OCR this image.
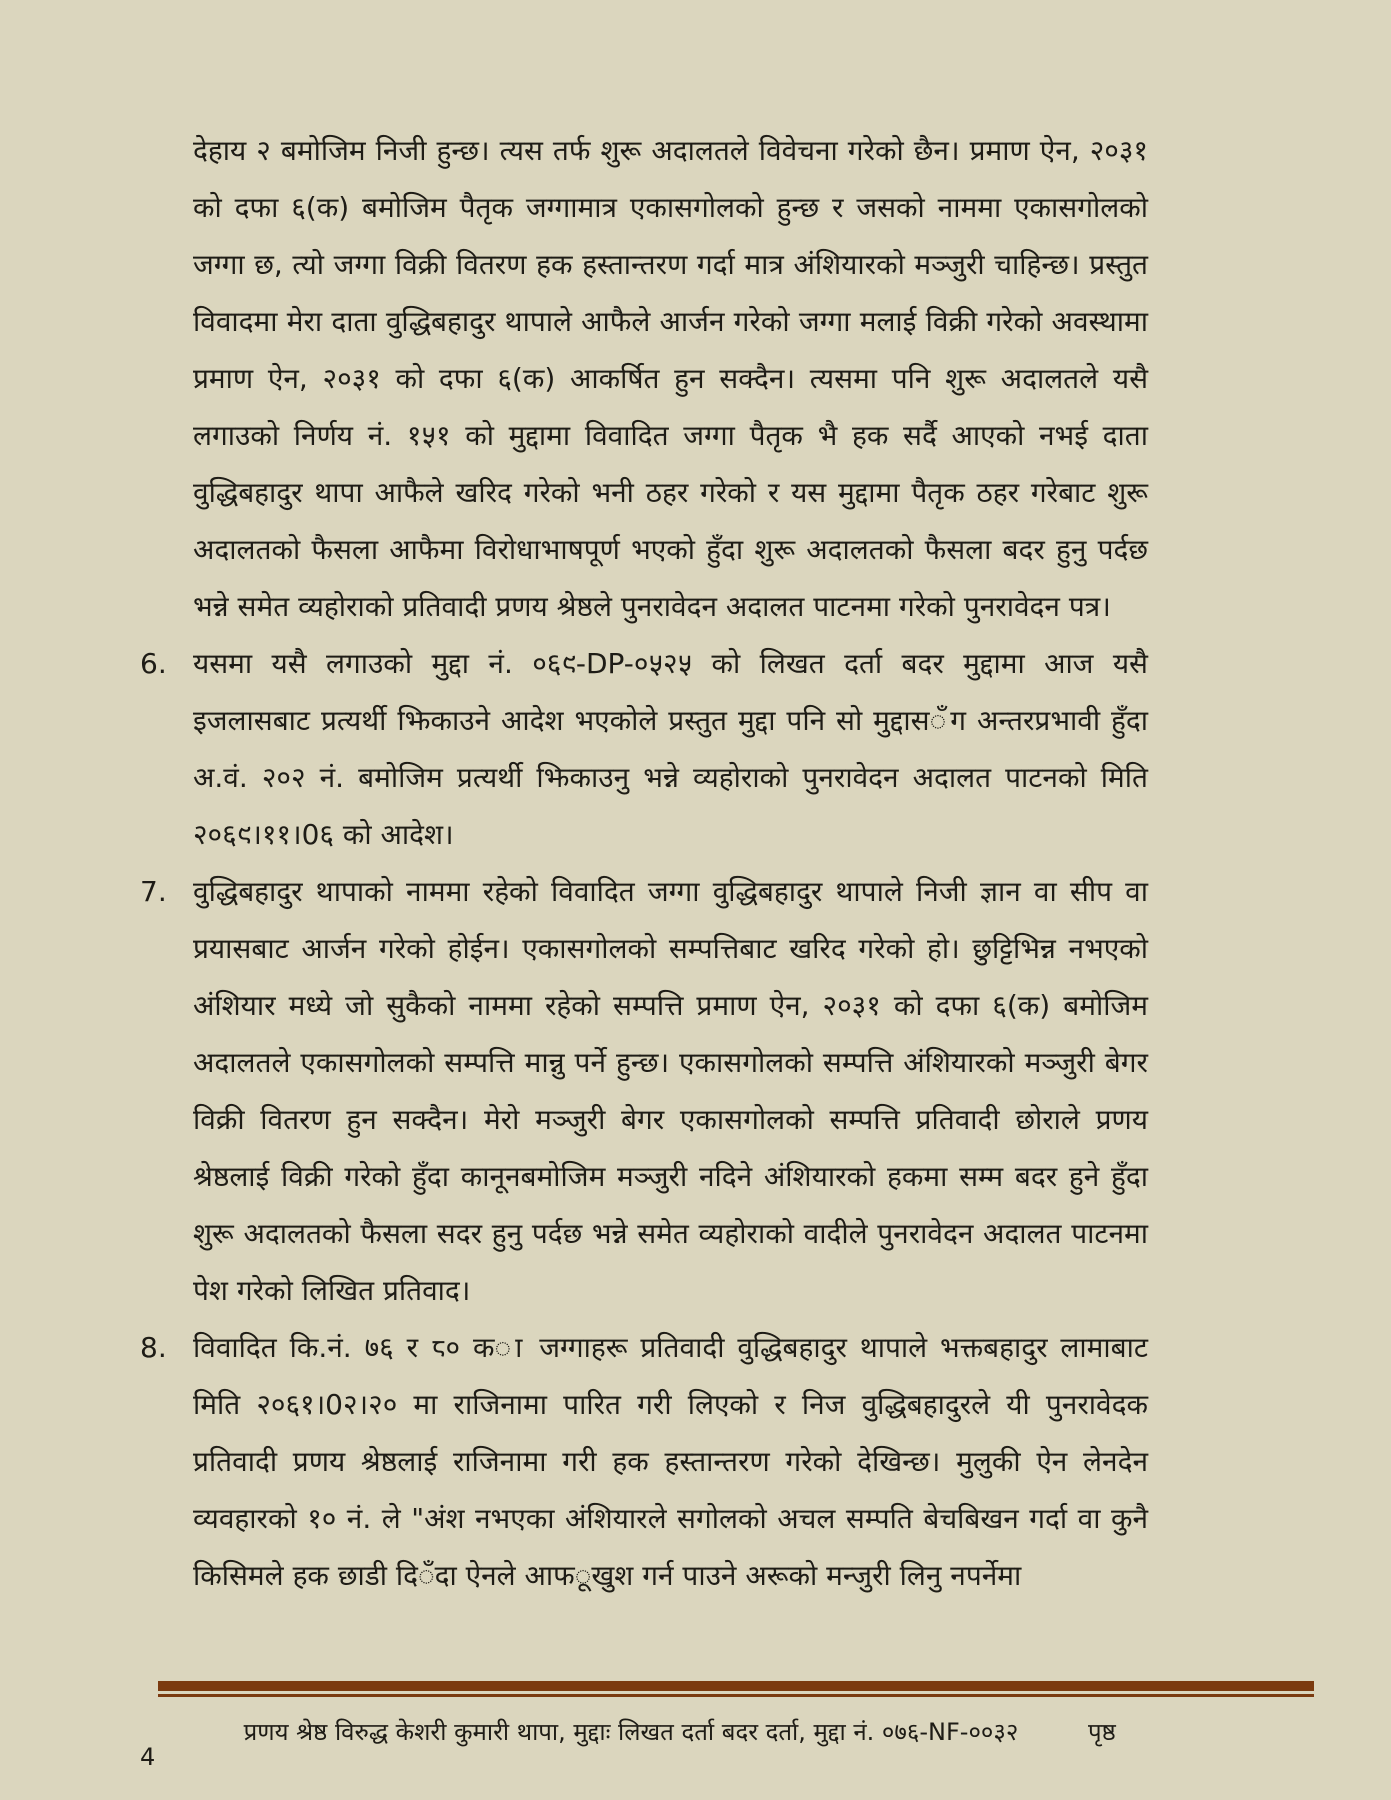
देहाय २ बमोजिम निजी हुन्छ। त्यस तर्फ शुरू अदालतले विवेचना गरेको छैन। प्रमाण ऐन, २०३१ को दफा ६(क) बमोजिम पैतृक जग्गामात्र एकासगोलको हुन्छ र जसको नाममा एकासगोलको जग्गा छ, त्यो जग्गा विक्री वितरण हक हस्तान्तरण गर्दा मात्र अंशियारको मञ्जुरी चाहिन्छ। प्रस्तुत विवादमा मेरा दाता वुद्धिबहादुर थापाले आफैले आर्जन गरेको जग्गा मलाई विक्री गरेको अवस्थामा प्रमाण ऐन, २०३१ को दफा ६(क) आकर्षित हुन सक्दैन। त्यसमा पनि शुरू अदालतले यसै लगाउको निर्णय नं. १५१ को मुद्दामा विवादित जग्गा पैतृक भै हक सर्दै आएको नभई दाता वुद्धिबहादुर थापा आफैले खरिद गरेको भनी ठहर गरेको र यस मुद्दामा पैतृक ठहर गरेबाट शुरू अदालतको फैसला आफैमा विरोधाभाषपूर्ण भएको हुँदा शुरू अदालतको फैसला बदर हुनु पर्दछ भन्ने समेत व्यहोराको प्रतिवादी प्रणय श्रेष्ठले पुनरावेदन अदालत पाटनमा गरेको पुनरावेदन पत्र।

6. यसमा यसै लगाउको मुद्दा नं. ०६९-DP-०५२५ को लिखत दर्ता बदर मुद्दामा आज यसै इजलासबाट प्रत्यर्थी झिकाउने आदेश भएकोले प्रस्तुत मुद्दा पनि सो मुद्दास◌ँग अन्तरप्रभावी हुँदा अ.वं. २०२ नं. बमोजिम प्रत्यर्थी झिकाउनु भन्ने व्यहोराको पुनरावेदन अदालत पाटनको मिति २०६९।११।0६ को आदेश।
7. वुद्धिबहादुर थापाको नाममा रहेको विवादित जग्गा वुद्धिबहादुर थापाले निजी ज्ञान वा सीप वा प्रयासबाट आर्जन गरेको होईन। एकासगोलको सम्पत्तिबाट खरिद गरेको हो। छुट्टिभिन्न नभएको अंशियार मध्ये जो सुकैको नाममा रहेको सम्पत्ति प्रमाण ऐन, २०३१ को दफा ६(क) बमोजिम अदालतले एकासगोलको सम्पत्ति मान्नु पर्ने हुन्छ। एकासगोलको सम्पत्ति अंशियारको मञ्जुरी बेगर विक्री वितरण हुन सक्दैन। मेरो मञ्जुरी बेगर एकासगोलको सम्पत्ति प्रतिवादी छोराले प्रणय श्रेष्ठलाई विक्री गरेको हुँदा कानूनबमोजिम मञ्जुरी नदिने अंशियारको हकमा सम्म बदर हुने हुँदा शुरू अदालतको फैसला सदर हुनु पर्दछ भन्ने समेत व्यहोराको वादीले पुनरावेदन अदालत पाटनमा पेश गरेको लिखित प्रतिवाद।
8. विवादित कि.नं. ७६ र ८० क◌ा जग्गाहरू प्रतिवादी वुद्धिबहादुर थापाले भक्तबहादुर लामाबाट मिति २०६१।0२।२० मा राजिनामा पारित गरी लिएको र निज वुद्धिबहादुरले यी पुनरावेदक प्रतिवादी प्रणय श्रेष्ठलाई राजिनामा गरी हक हस्तान्तरण गरेको देखिन्छ। मुलुकी ऐन लेनदेन व्यवहारको १० नं. ले "अंश नभएका अंशियारले सगोलको अचल सम्पति बेचबिखन गर्दा वा कुनै किसिमले हक छाडी दि◌ँदा ऐनले आफ◌ूखुश गर्न पाउने अरूको मन्जुरी लिनु नपर्नेमा
प्रणय श्रेष्ठ विरुद्ध केशरी कुमारी थापा, मुद्दाः लिखत दर्ता बदर दर्ता, मुद्दा नं. ०७६-NF-००३२	पृष्ठ
4
